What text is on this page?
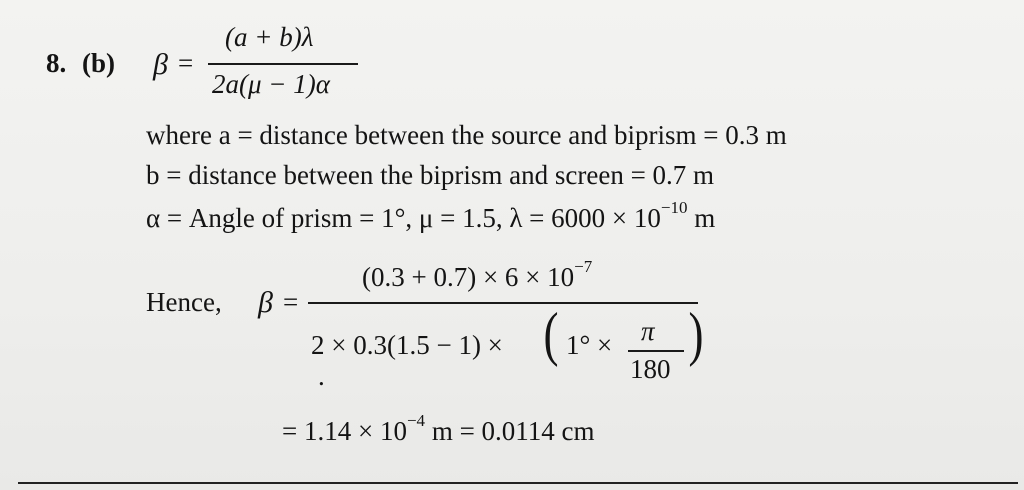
8. (b) β =
(a + b)λ
2a(μ − 1)α
where a = distance between the source and biprism = 0.3 m
b = distance between the biprism and screen = 0.7 m
α = Angle of prism = 1°, μ = 1.5, $\lambda = 6000 \times 10^{-10}$ m
Hence, β =
$(0.3 + 0.7) \times 6 \times 10^{-7}$
2 × 0.3(1.5 − 1) × ( 1° × π
180
)
.
= $1.14 \times 10^{-4}$ m = 0.0114 cm
